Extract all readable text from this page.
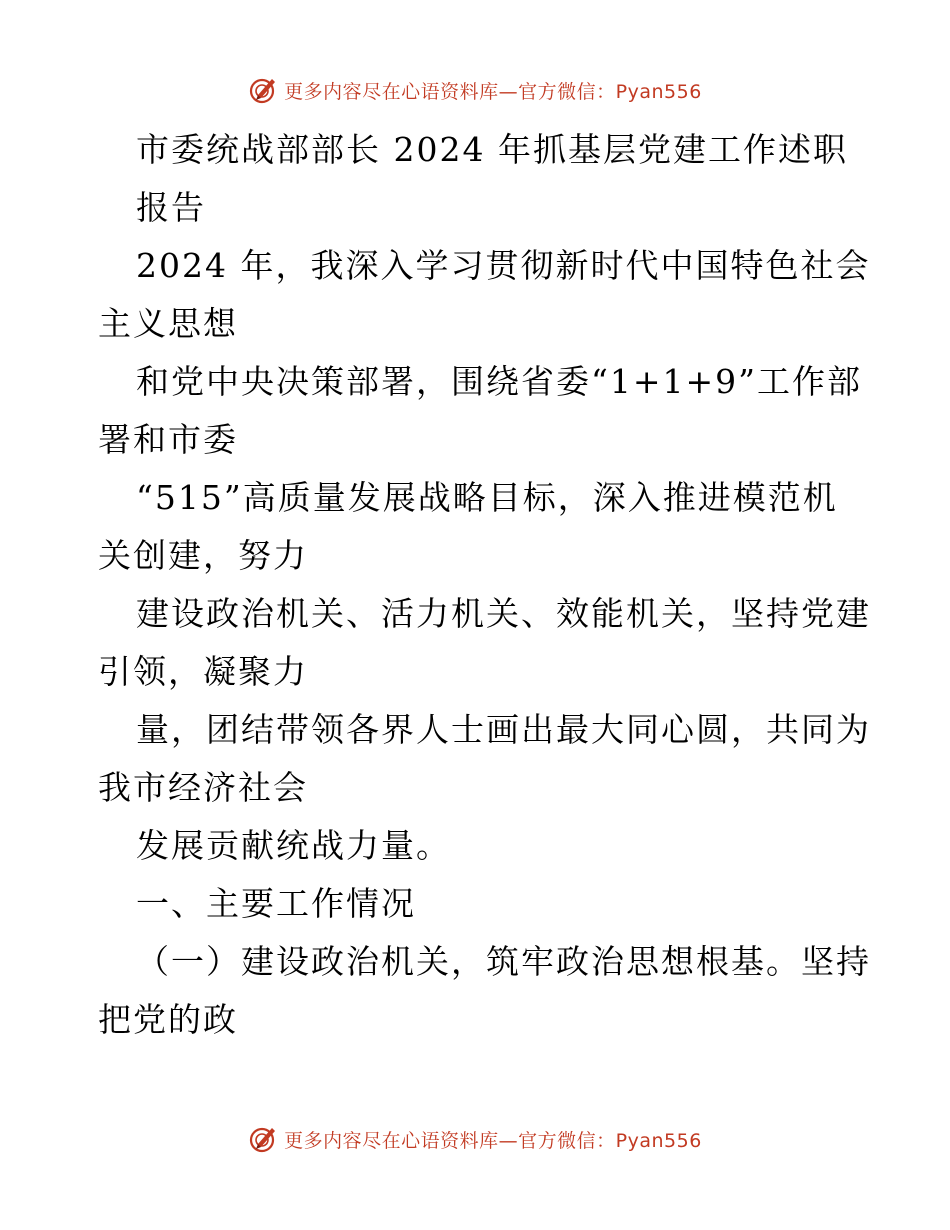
更多内容尽在心语资料库—官方微信：Pyan556
市委统战部部长 2024 年抓基层党建工作述职
报告
2024 年，我深入学习贯彻新时代中国特色社会
主义思想
和党中央决策部署，围绕省委“1+1+9”工作部
署和市委
“515”高质量发展战略目标，深入推进模范机
关创建，努力
建设政治机关、活力机关、效能机关，坚持党建
引领，凝聚力
量，团结带领各界人士画出最大同心圆，共同为
我市经济社会
发展贡献统战力量。
一、主要工作情况
（一）建设政治机关，筑牢政治思想根基。坚持
把党的政
更多内容尽在心语资料库—官方微信：Pyan556
